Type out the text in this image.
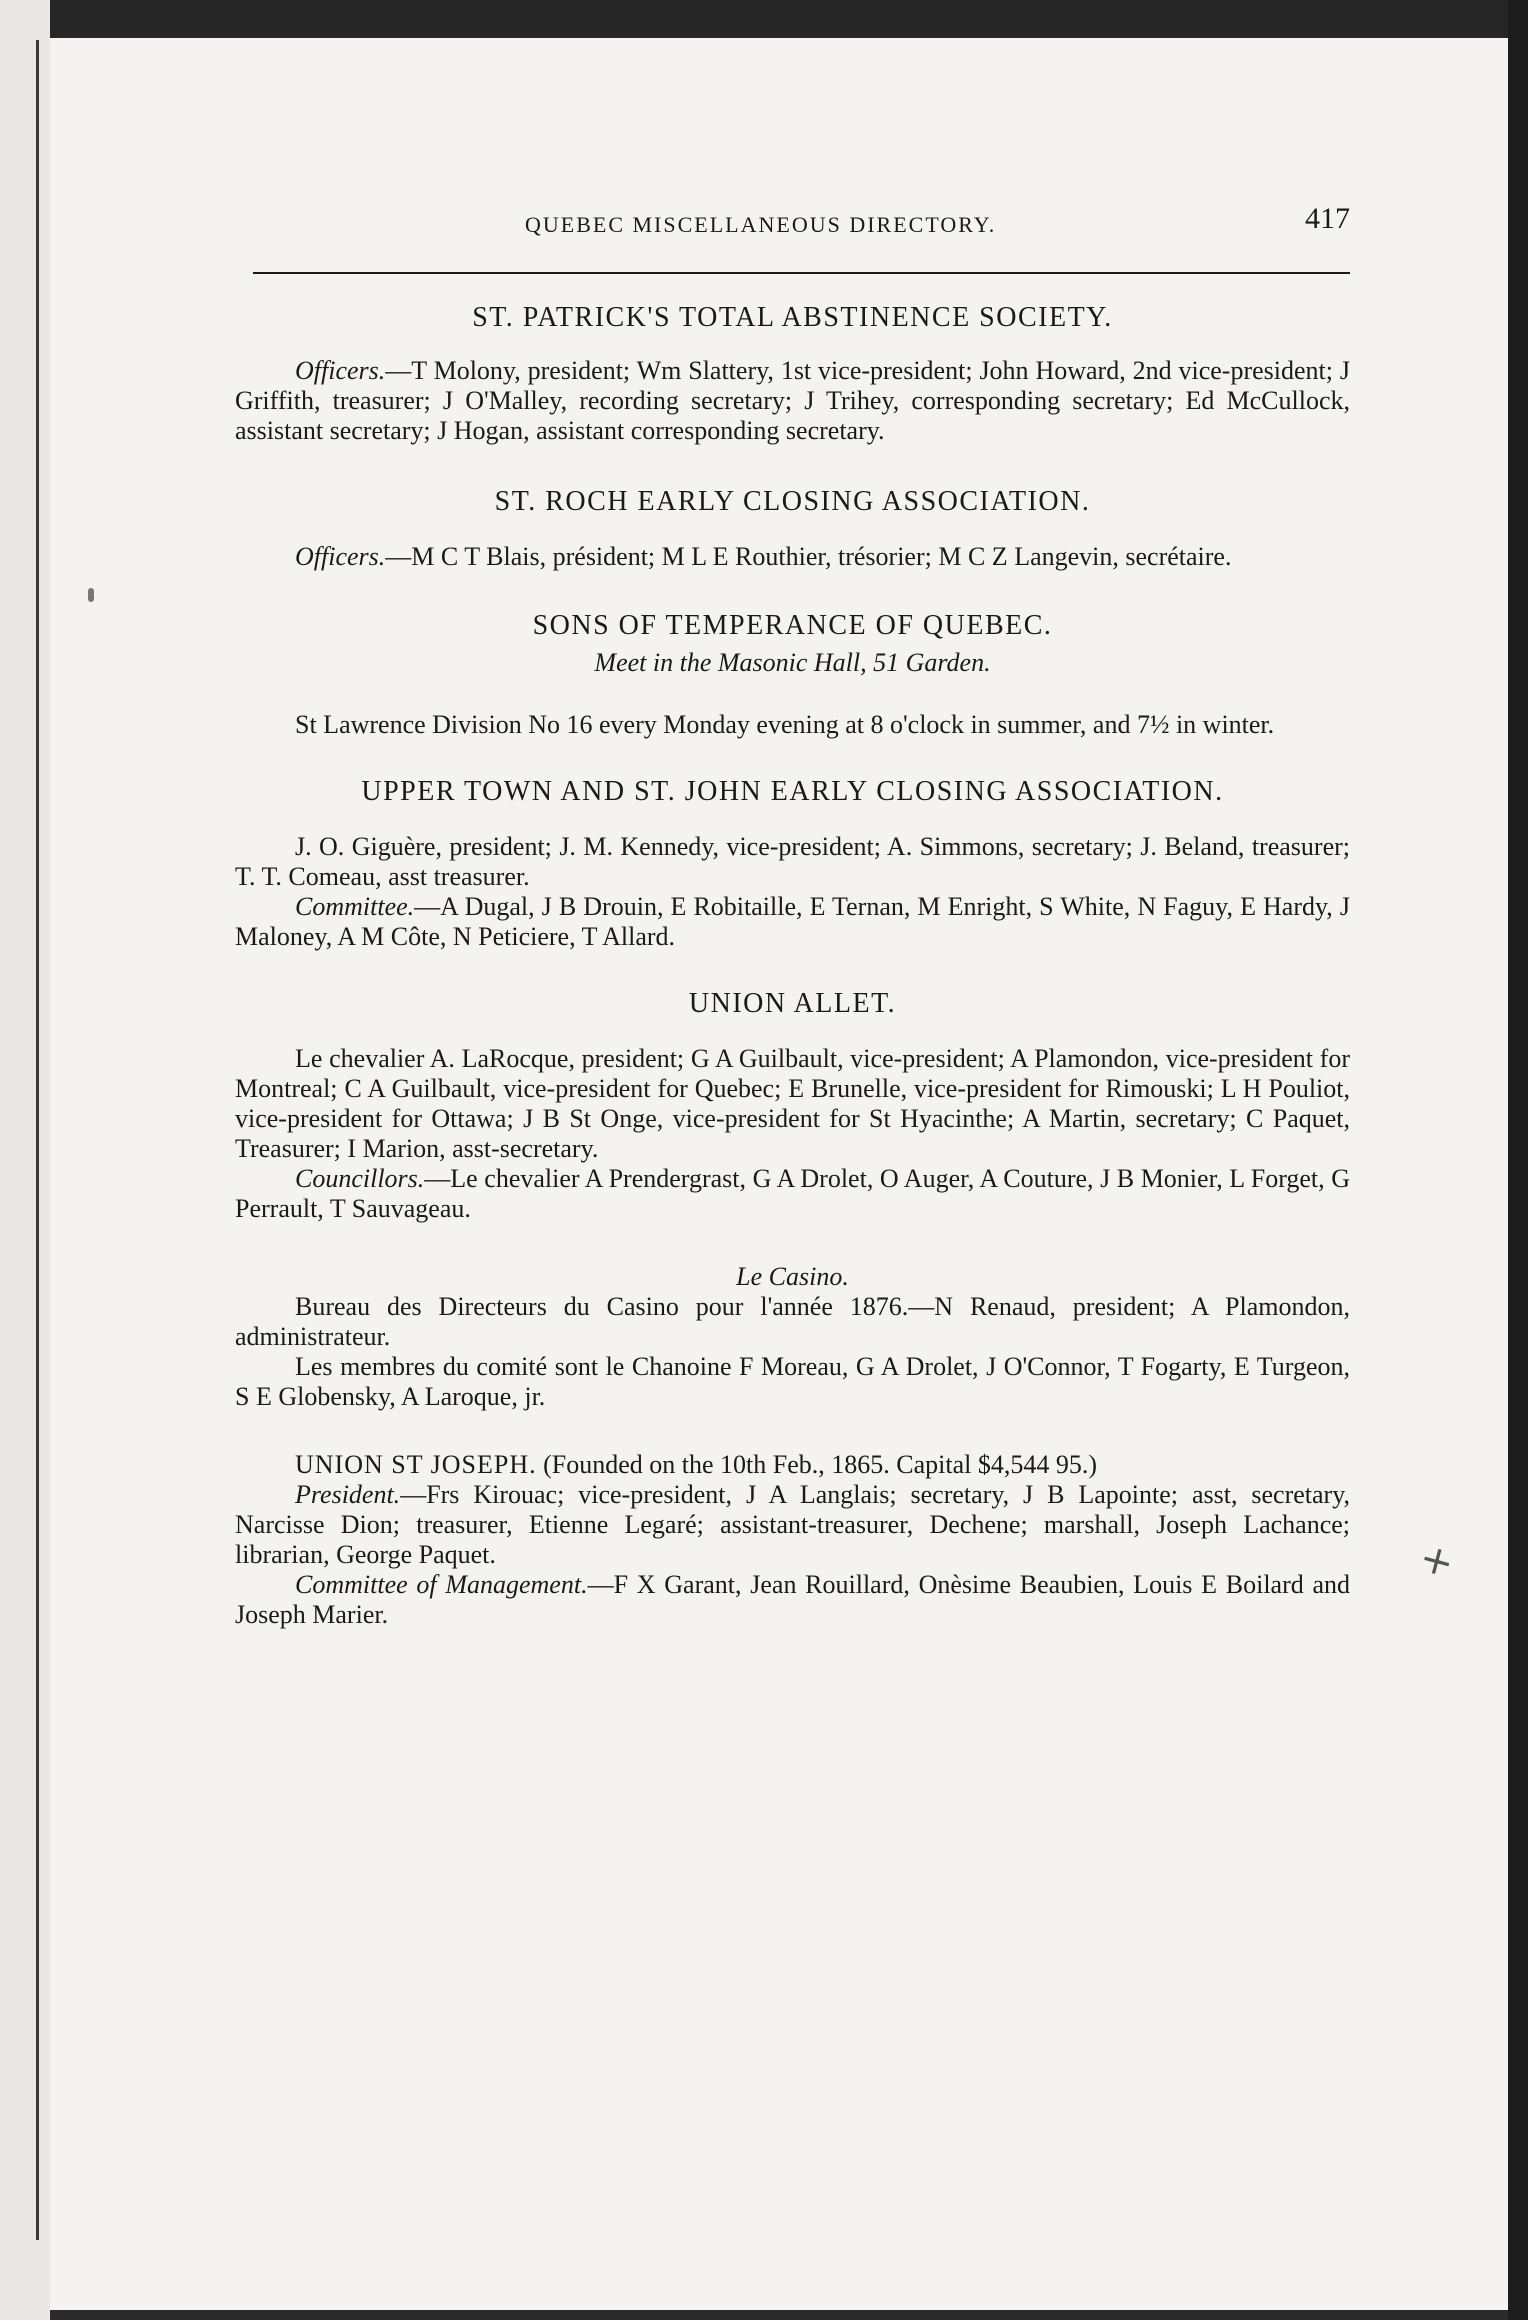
QUEBEC MISCELLANEOUS DIRECTORY.	417
ST. PATRICK'S TOTAL ABSTINENCE SOCIETY.

Officers.—T Molony, president; Wm Slattery, 1st vice-president; John Howard, 2nd vice-president; J Griffith, treasurer; J O'Malley, recording secretary; J Trihey, corresponding secretary; Ed McCullock, assistant secretary; J Hogan, assistant corresponding secretary.

ST. ROCH EARLY CLOSING ASSOCIATION.

Officers.—M C T Blais, président; M L E Routhier, trésorier; M C Z Langevin, secrétaire.

SONS OF TEMPERANCE OF QUEBEC.

Meet in the Masonic Hall, 51 Garden.

St Lawrence Division No 16 every Monday evening at 8 o'clock in summer, and 7½ in winter.

UPPER TOWN AND ST. JOHN EARLY CLOSING ASSOCIATION.

J. O. Giguère, president; J. M. Kennedy, vice-president; A. Simmons, secretary; J. Beland, treasurer; T. T. Comeau, asst treasurer.

Committee.—A Dugal, J B Drouin, E Robitaille, E Ternan, M Enright, S White, N Faguy, E Hardy, J Maloney, A M Côte, N Peticiere, T Allard.

UNION ALLET.

Le chevalier A. LaRocque, president; G A Guilbault, vice-president; A Plamondon, vice-president for Montreal; C A Guilbault, vice-president for Quebec; E Brunelle, vice-president for Rimouski; L H Pouliot, vice-president for Ottawa; J B St Onge, vice-president for St Hyacinthe; A Martin, secretary; C Paquet, Treasurer; I Marion, asst-secretary.

Councillors.—Le chevalier A Prendergrast, G A Drolet, O Auger, A Couture, J B Monier, L Forget, G Perrault, T Sauvageau.

Le Casino.

Bureau des Directeurs du Casino pour l'année 1876.—N Renaud, president; A Plamondon, administrateur.

Les membres du comité sont le Chanoine F Moreau, G A Drolet, J O'Connor, T Fogarty, E Turgeon, S E Globensky, A Laroque, jr.

UNION ST JOSEPH. (Founded on the 10th Feb., 1865. Capital $4,544 95.)

President.—Frs Kirouac; vice-president, J A Langlais; secretary, J B Lapointe; asst, secretary, Narcisse Dion; treasurer, Etienne Legaré; assistant-treasurer, Dechene; marshall, Joseph Lachance; librarian, George Paquet.

Committee of Management.—F X Garant, Jean Rouillard, Onèsime Beaubien, Louis E Boilard and Joseph Marier.

+
